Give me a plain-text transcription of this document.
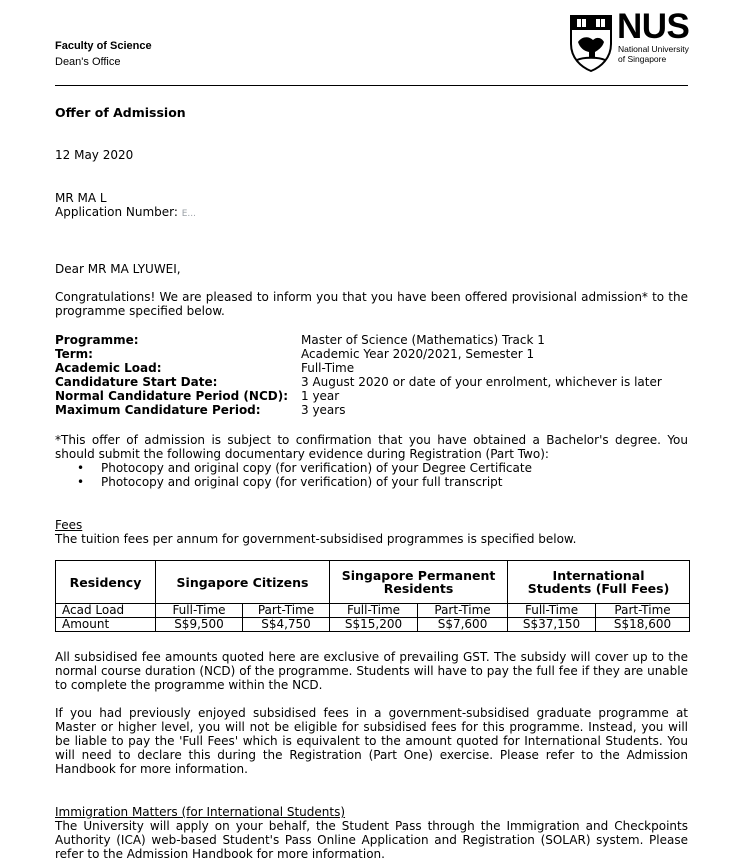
Faculty of Science
Dean's Office
NUS
National University
of Singapore
Offer of Admission
12 May 2020
MR MA L
Application Number: E...
Dear MR MA LYUWEI,
Congratulations! We are pleased to inform you that you have been offered provisional admission* to the programme specified below.
Programme:	Master of Science (Mathematics) Track 1
Term:	Academic Year 2020/2021, Semester 1
Academic Load:	Full-Time
Candidature Start Date:	3 August 2020 or date of your enrolment, whichever is later
Normal Candidature Period (NCD):	1 year
Maximum Candidature Period:	3 years
*This offer of admission is subject to confirmation that you have obtained a Bachelor's degree. You should submit the following documentary evidence during Registration (Part Two):
• Photocopy and original copy (for verification) of your Degree Certificate
• Photocopy and original copy (for verification) of your full transcript
Fees
The tuition fees per annum for government-subsidised programmes is specified below.
Residency	Singapore Citizens		Singapore Permanent Residents		International Students (Full Fees)	
Acad Load	Full-Time	Part-Time	Full-Time	Part-Time	Full-Time	Part-Time
Amount	S$9,500	S$4,750	S$15,200	S$7,600	S$37,150	S$18,600
All subsidised fee amounts quoted here are exclusive of prevailing GST. The subsidy will cover up to the normal course duration (NCD) of the programme. Students will have to pay the full fee if they are unable to complete the programme within the NCD.
If you had previously enjoyed subsidised fees in a government-subsidised graduate programme at Master or higher level, you will not be eligible for subsidised fees for this programme. Instead, you will be liable to pay the 'Full Fees' which is equivalent to the amount quoted for International Students. You will need to declare this during the Registration (Part One) exercise. Please refer to the Admission Handbook for more information.
Immigration Matters (for International Students)
The University will apply on your behalf, the Student Pass through the Immigration and Checkpoints Authority (ICA) web-based Student's Pass Online Application and Registration (SOLAR) system. Please refer to the Admission Handbook for more information.
